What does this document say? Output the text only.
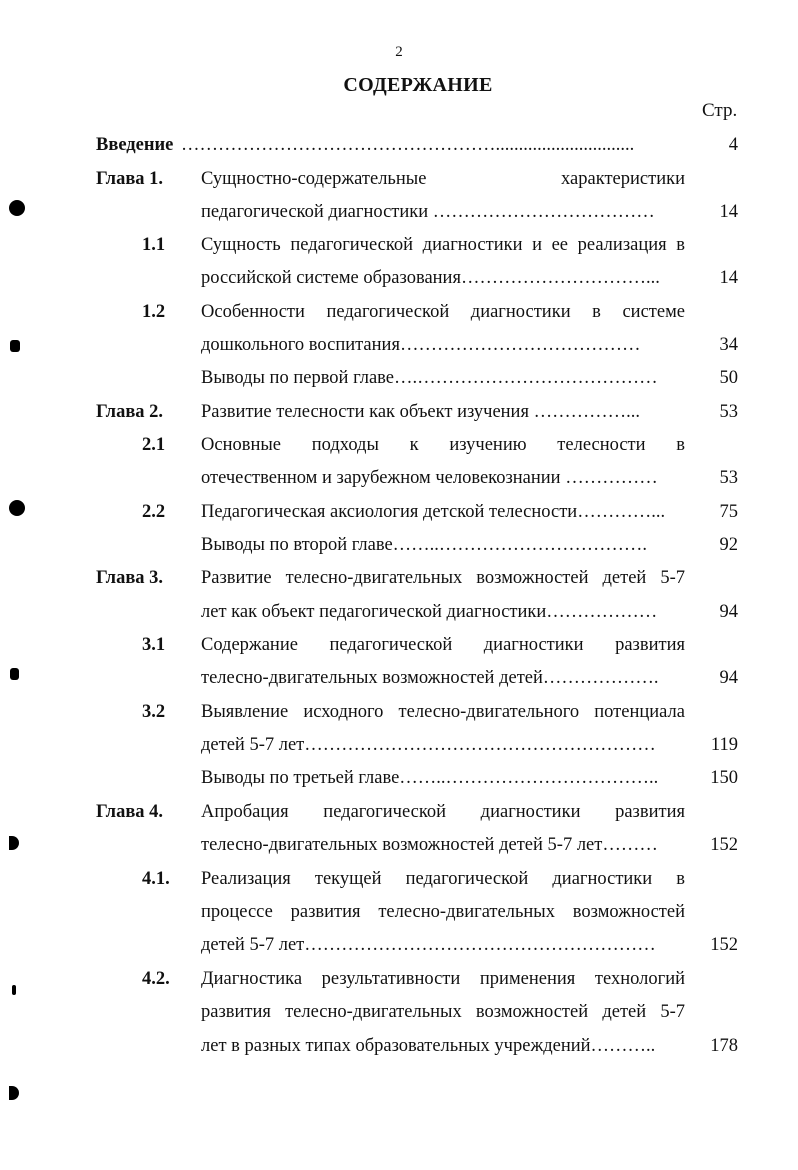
2
СОДЕРЖАНИЕ
Стр.
Введение ……………………………………………..............................	4
Глава 1. Сущностно-содержательные характеристики
педагогической диагностики ………………………………	14
1.1 Сущность педагогической диагностики и ее реализация в
российской системе образования…………………………...	14
1.2 Особенности педагогической диагностики в системе
дошкольного воспитания…………………………………	34
Выводы по первой главе….…………………………………	50
Глава 2. Развитие телесности как объект изучения ……………...	53
2.1 Основные подходы к изучению телесности в
отечественном и зарубежном человекознании ……………	53
2.2 Педагогическая аксиология детской телесности…………...	75
Выводы по второй главе……..…………………………….	92
Глава 3. Развитие телесно-двигательных возможностей детей 5-7
лет как объект педагогической диагностики………………	94
3.1 Содержание педагогической диагностики развития
телесно-двигательных возможностей детей……………….	94
3.2 Выявление исходного телесно-двигательного потенциала
детей 5-7 лет…………………………………………………	119
Выводы по третьей главе……..……………………………..	150
Глава 4. Апробация педагогической диагностики развития
телесно-двигательных возможностей детей 5-7 лет………	152
4.1. Реализация текущей педагогической диагностики в
процессе развития телесно-двигательных возможностей
детей 5-7 лет…………………………………………………	152
4.2. Диагностика результативности применения технологий
развития телесно-двигательных возможностей детей 5-7
лет в разных типах образовательных учреждений………..	178
